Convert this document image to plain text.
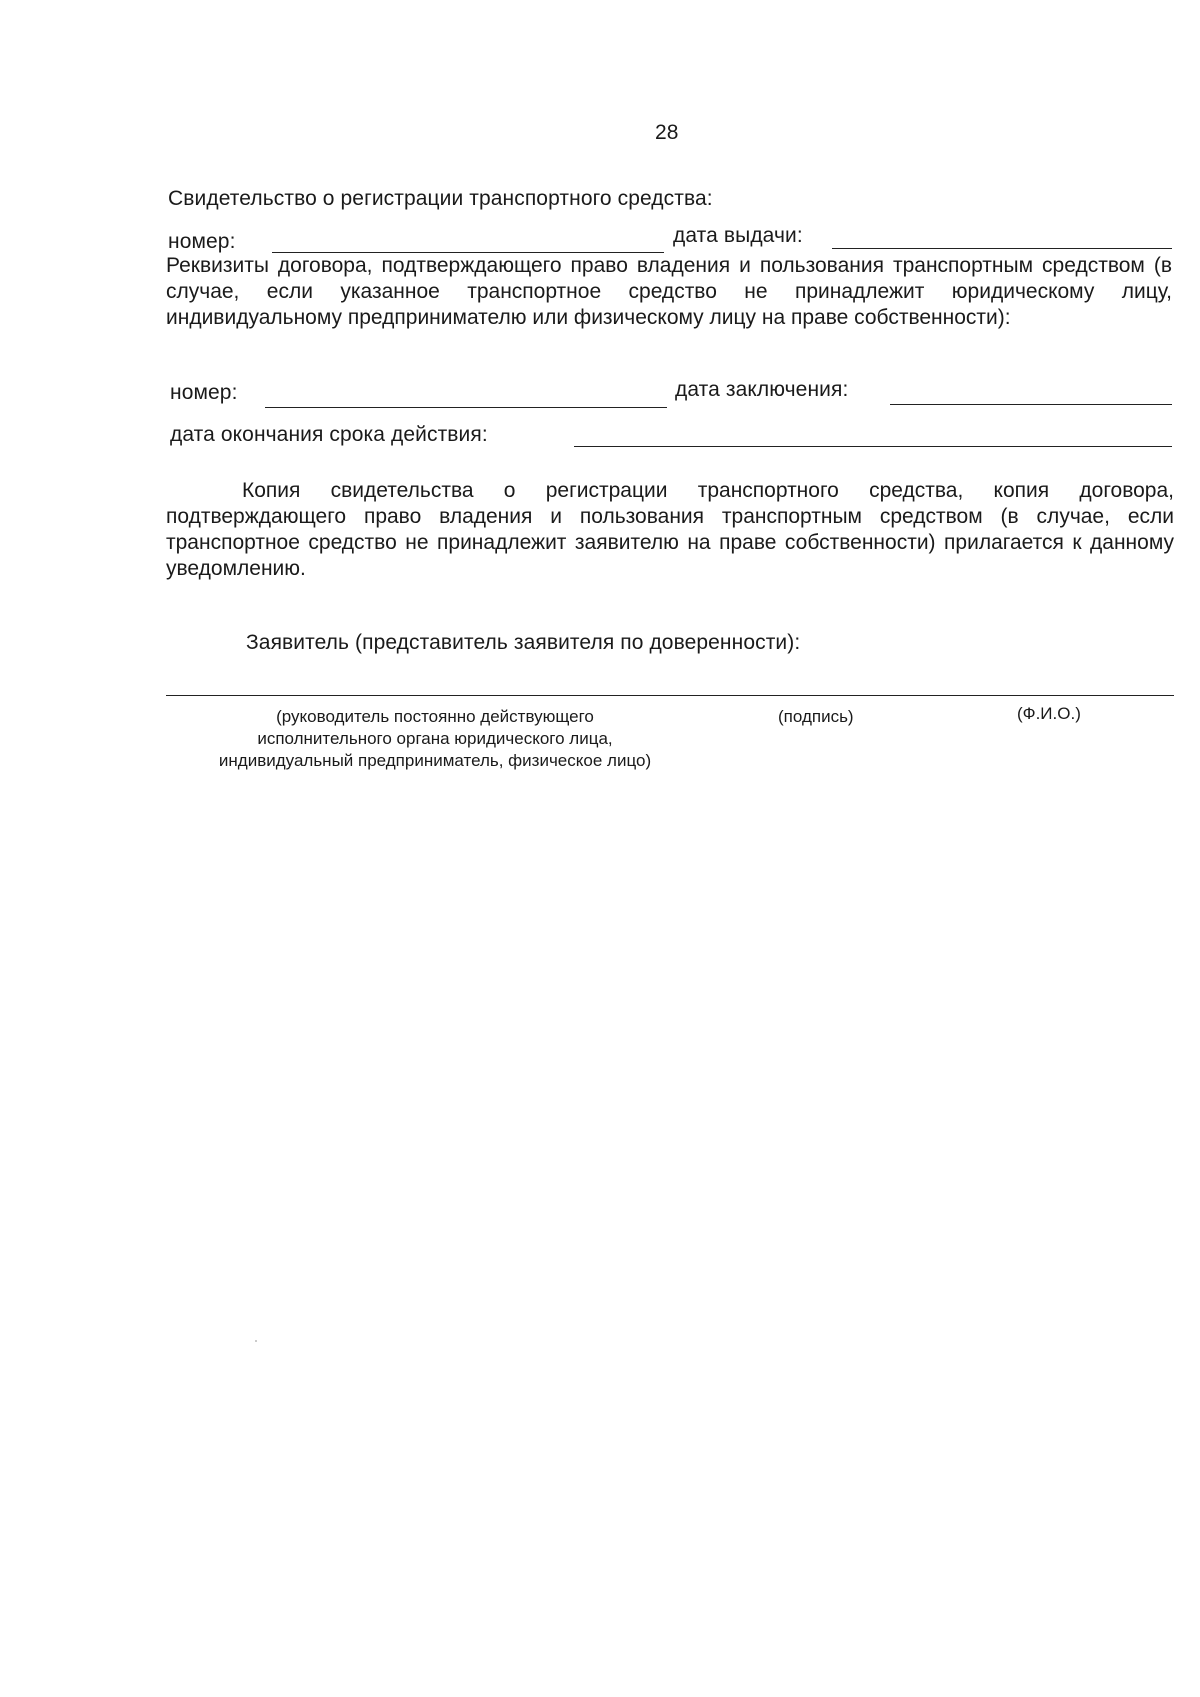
28
Свидетельство о регистрации транспортного средства:
номер:	дата выдачи:
Реквизиты договора, подтверждающего право владения и пользования транспортным средством (в случае, если указанное транспортное средство не принадлежит юридическому лицу, индивидуальному предпринимателю или физическому лицу на праве собственности):
номер:	дата заключения:
дата окончания срока действия:
Копия свидетельства о регистрации транспортного средства, копия договора, подтверждающего право владения и пользования транспортным средством (в случае, если транспортное средство не принадлежит заявителю на праве собственности) прилагается к данному уведомлению.
Заявитель (представитель заявителя по доверенности):
(руководитель постоянно действующего
исполнительного органа юридического лица,
индивидуальный предприниматель, физическое лицо)
(подпись)	(Ф.И.О.)
